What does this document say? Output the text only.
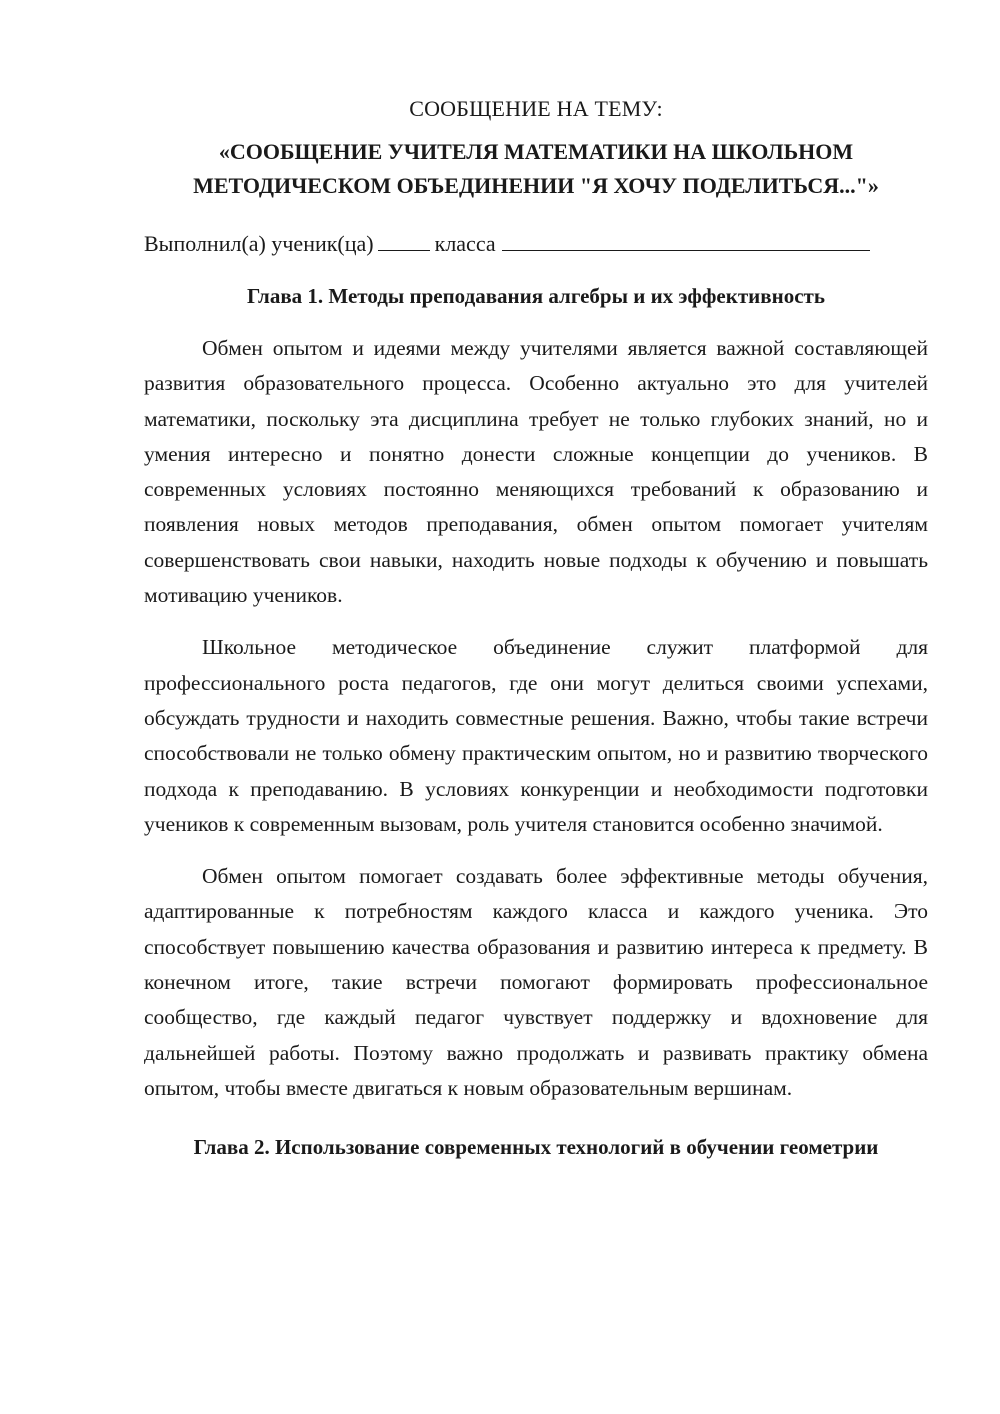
СООБЩЕНИЕ НА ТЕМУ:

«СООБЩЕНИЕ УЧИТЕЛЯ МАТЕМАТИКИ НА ШКОЛЬНОМ
МЕТОДИЧЕСКОМ ОБЪЕДИНЕНИИ "Я ХОЧУ ПОДЕЛИТЬСЯ..."»
Выполнил(а) ученик(ца)	класса
Глава 1. Методы преподавания алгебры и их эффективность

Обмен опытом и идеями между учителями является важной составляющей развития образовательного процесса. Особенно актуально это для учителей математики, поскольку эта дисциплина требует не только глубоких знаний, но и умения интересно и понятно донести сложные концепции до учеников. В современных условиях постоянно меняющихся требований к образованию и появления новых методов преподавания, обмен опытом помогает учителям совершенствовать свои навыки, находить новые подходы к обучению и повышать мотивацию учеников.

Школьное методическое объединение служит платформой для профессионального роста педагогов, где они могут делиться своими успехами, обсуждать трудности и находить совместные решения. Важно, чтобы такие встречи способствовали не только обмену практическим опытом, но и развитию творческого подхода к преподаванию. В условиях конкуренции и необходимости подготовки учеников к современным вызовам, роль учителя становится особенно значимой.

Обмен опытом помогает создавать более эффективные методы обучения, адаптированные к потребностям каждого класса и каждого ученика. Это способствует повышению качества образования и развитию интереса к предмету. В конечном итоге, такие встречи помогают формировать профессиональное сообщество, где каждый педагог чувствует поддержку и вдохновение для дальнейшей работы. Поэтому важно продолжать и развивать практику обмена опытом, чтобы вместе двигаться к новым образовательным вершинам.

Глава 2. Использование современных технологий в обучении геометрии
